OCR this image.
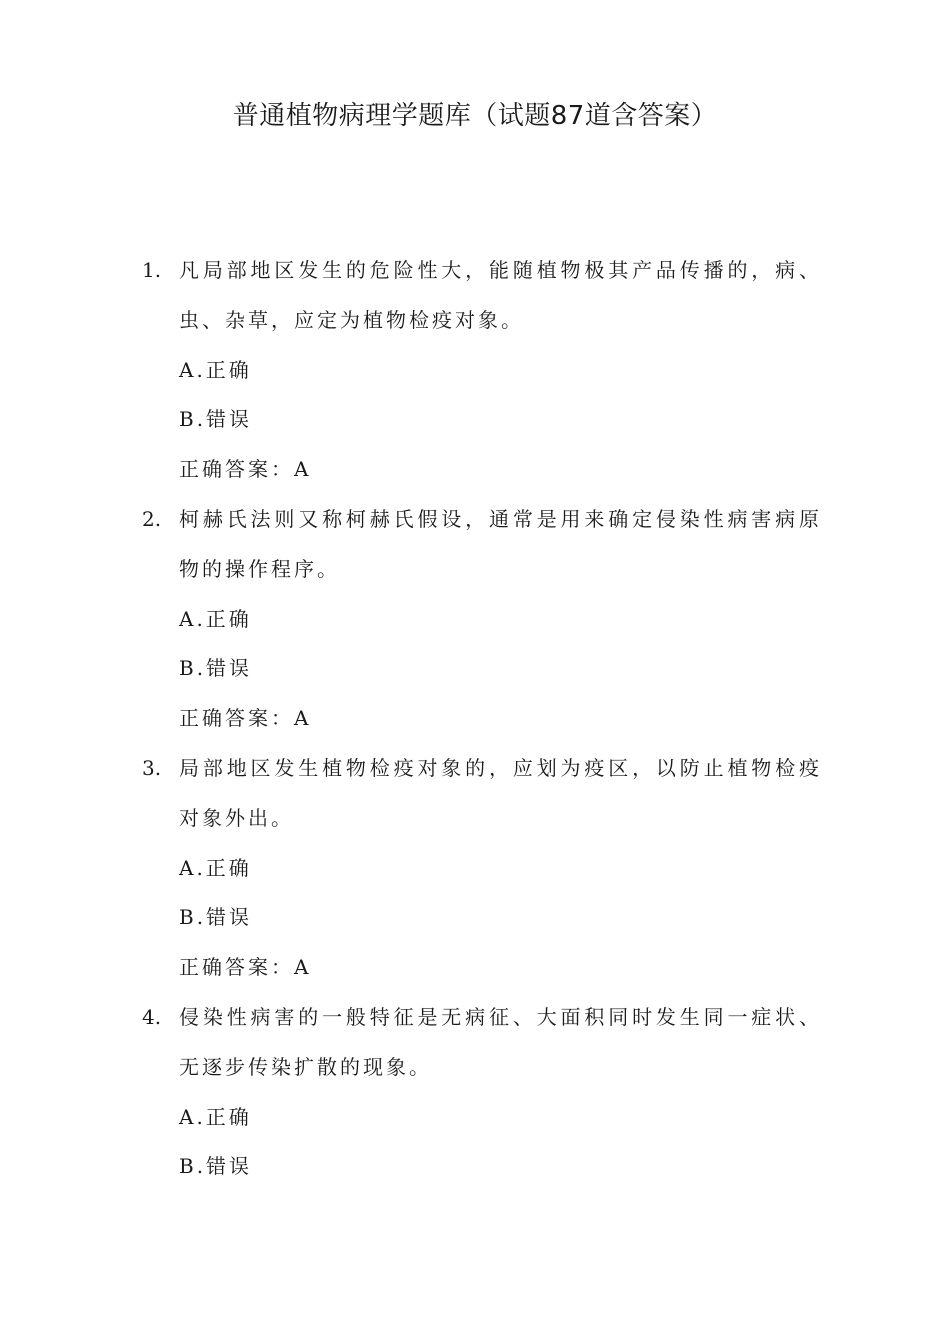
普通植物病理学题库（试题87道含答案）
1. 凡局部地区发生的危险性大，能随植物极其产品传播的，病、虫、杂草，应定为植物检疫对象。
A.正确
B.错误
正确答案：A
2. 柯赫氏法则又称柯赫氏假设，通常是用来确定侵染性病害病原物的操作程序。
A.正确
B.错误
正确答案：A
3. 局部地区发生植物检疫对象的，应划为疫区，以防止植物检疫对象外出。
A.正确
B.错误
正确答案：A
4. 侵染性病害的一般特征是无病征、大面积同时发生同一症状、无逐步传染扩散的现象。
A.正确
B.错误
